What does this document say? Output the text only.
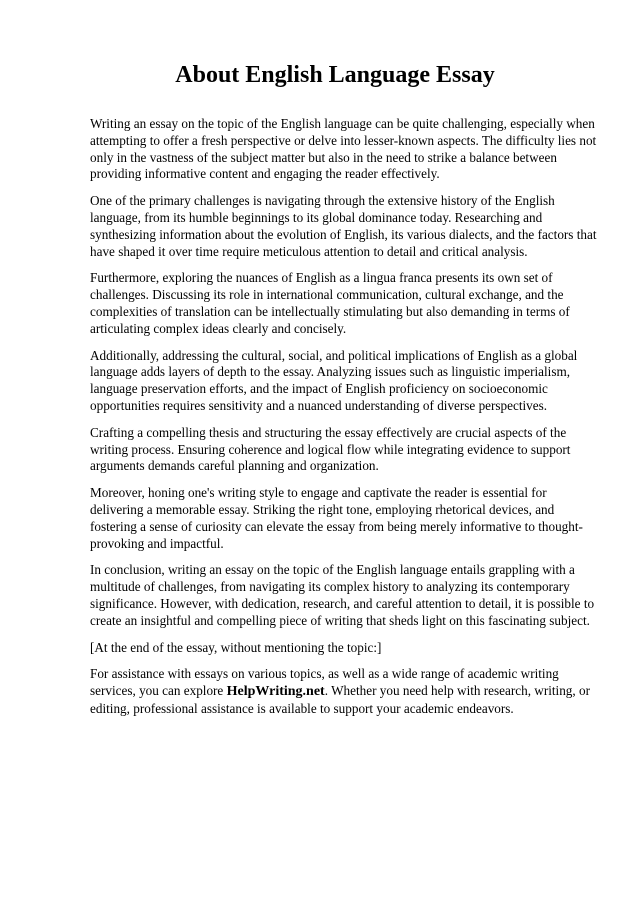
About English Language Essay

Writing an essay on the topic of the English language can be quite challenging, especially when attempting to offer a fresh perspective or delve into lesser-known aspects. The difficulty lies not only in the vastness of the subject matter but also in the need to strike a balance between providing informative content and engaging the reader effectively.

One of the primary challenges is navigating through the extensive history of the English language, from its humble beginnings to its global dominance today. Researching and synthesizing information about the evolution of English, its various dialects, and the factors that have shaped it over time require meticulous attention to detail and critical analysis.

Furthermore, exploring the nuances of English as a lingua franca presents its own set of challenges. Discussing its role in international communication, cultural exchange, and the complexities of translation can be intellectually stimulating but also demanding in terms of articulating complex ideas clearly and concisely.

Additionally, addressing the cultural, social, and political implications of English as a global language adds layers of depth to the essay. Analyzing issues such as linguistic imperialism, language preservation efforts, and the impact of English proficiency on socioeconomic opportunities requires sensitivity and a nuanced understanding of diverse perspectives.

Crafting a compelling thesis and structuring the essay effectively are crucial aspects of the writing process. Ensuring coherence and logical flow while integrating evidence to support arguments demands careful planning and organization.

Moreover, honing one's writing style to engage and captivate the reader is essential for delivering a memorable essay. Striking the right tone, employing rhetorical devices, and fostering a sense of curiosity can elevate the essay from being merely informative to thought-provoking and impactful.

In conclusion, writing an essay on the topic of the English language entails grappling with a multitude of challenges, from navigating its complex history to analyzing its contemporary significance. However, with dedication, research, and careful attention to detail, it is possible to create an insightful and compelling piece of writing that sheds light on this fascinating subject.

[At the end of the essay, without mentioning the topic:]

For assistance with essays on various topics, as well as a wide range of academic writing services, you can explore HelpWriting.net. Whether you need help with research, writing, or editing, professional assistance is available to support your academic endeavors.
